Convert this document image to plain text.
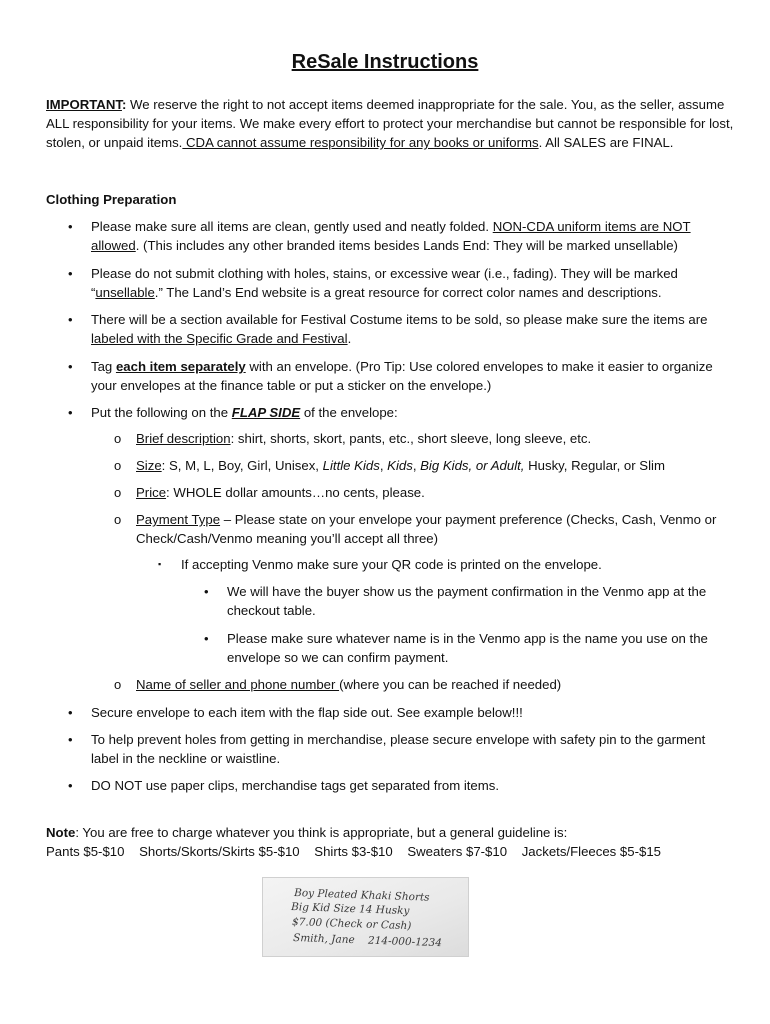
ReSale Instructions
IMPORTANT: We reserve the right to not accept items deemed inappropriate for the sale. You, as the seller, assume ALL responsibility for your items. We make every effort to protect your merchandise but cannot be responsible for lost, stolen, or unpaid items. CDA cannot assume responsibility for any books or uniforms. All SALES are FINAL.
Clothing Preparation
• Please make sure all items are clean, gently used and neatly folded. NON-CDA uniform items are NOT allowed. (This includes any other branded items besides Lands End: They will be marked unsellable)
• Please do not submit clothing with holes, stains, or excessive wear (i.e., fading). They will be marked “unsellable.” The Land’s End website is a great resource for correct color names and descriptions.
• There will be a section available for Festival Costume items to be sold, so please make sure the items are labeled with the Specific Grade and Festival.
• Tag each item separately with an envelope. (Pro Tip: Use colored envelopes to make it easier to organize your envelopes at the finance table or put a sticker on the envelope.)
• Put the following on the FLAP SIDE of the envelope:
o Brief description: shirt, shorts, skort, pants, etc., short sleeve, long sleeve, etc.
o Size: S, M, L, Boy, Girl, Unisex, Little Kids, Kids, Big Kids, or Adult, Husky, Regular, or Slim
o Price: WHOLE dollar amounts…no cents, please.
o Payment Type – Please state on your envelope your payment preference (Checks, Cash, Venmo or Check/Cash/Venmo meaning you’ll accept all three)
▪ If accepting Venmo make sure your QR code is printed on the envelope.
• We will have the buyer show us the payment confirmation in the Venmo app at the checkout table.
• Please make sure whatever name is in the Venmo app is the name you use on the envelope so we can confirm payment.
o Name of seller and phone number (where you can be reached if needed)
• Secure envelope to each item with the flap side out. See example below!!!
• To help prevent holes from getting in merchandise, please secure envelope with safety pin to the garment label in the neckline or waistline.
• DO NOT use paper clips, merchandise tags get separated from items.
Note: You are free to charge whatever you think is appropriate, but a general guideline is:
Pants $5-$10    Shorts/Skorts/Skirts $5-$10    Shirts $3-$10    Sweaters $7-$10    Jackets/Fleeces $5-$15
Boy Pleated Khaki Shorts
Big Kid Size 14 Husky
$7.00 (Check or Cash)
Smith, Jane    214-000-1234
